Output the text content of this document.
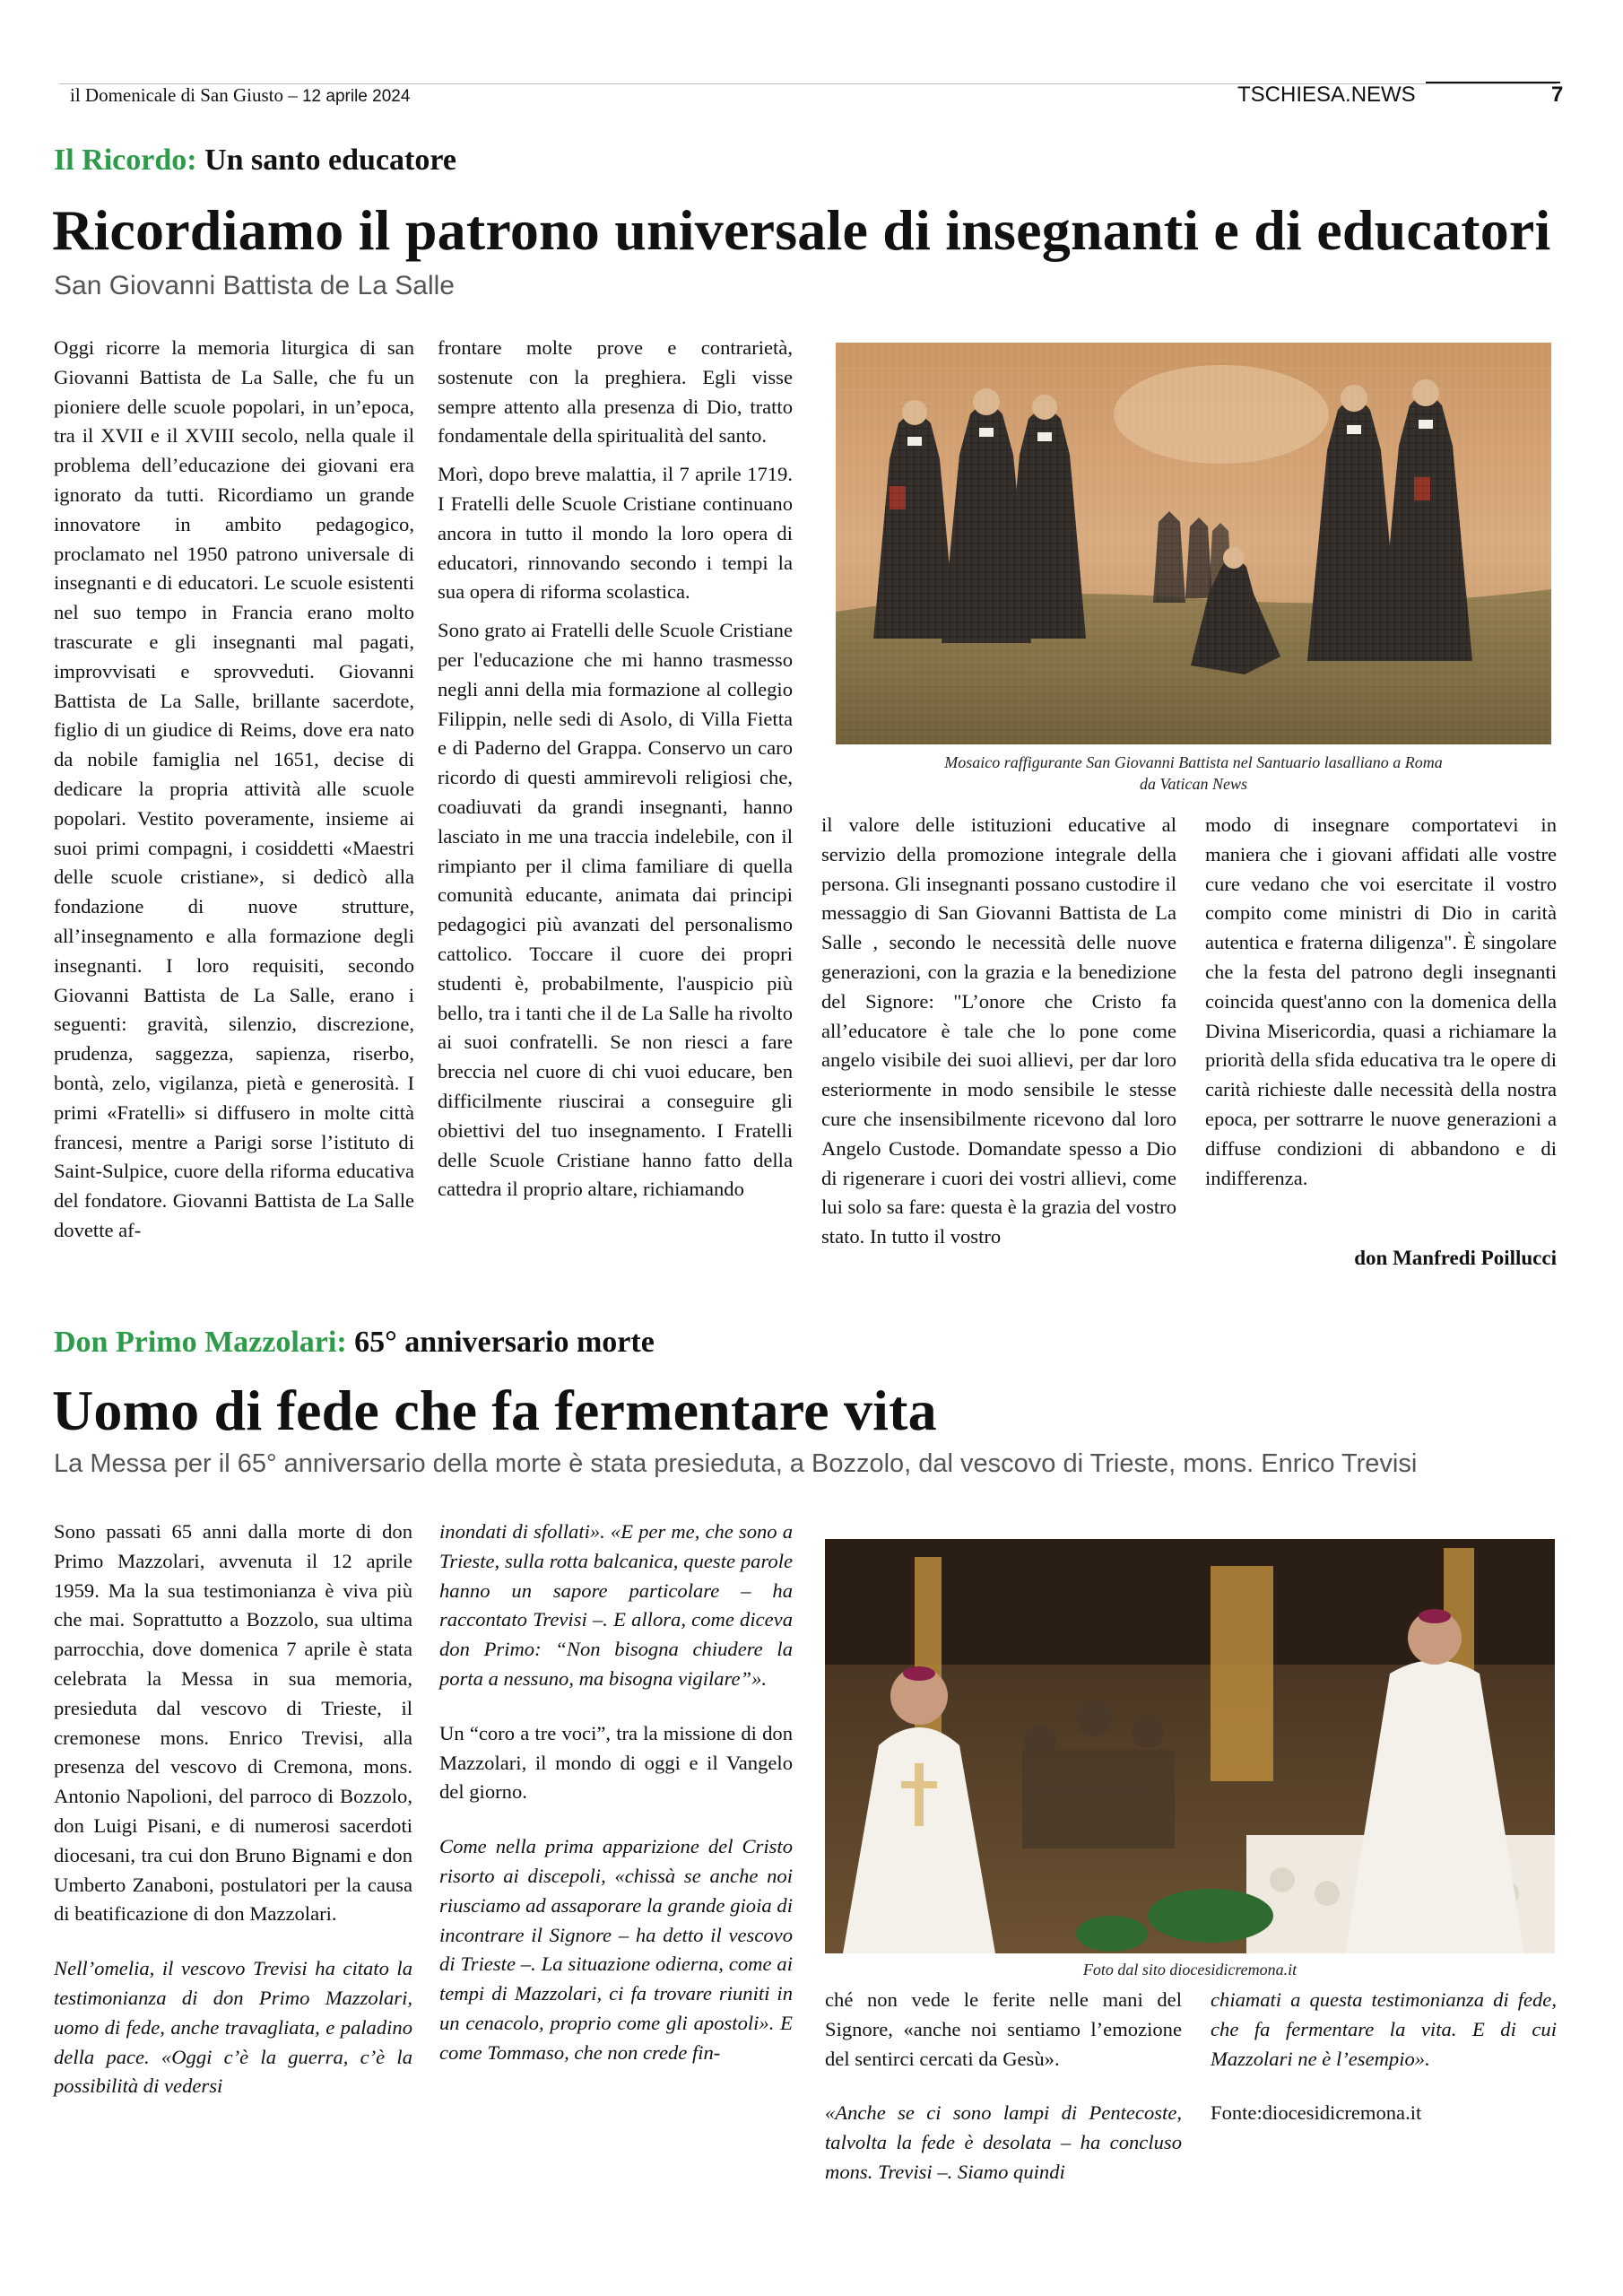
il Domenicale di San Giusto – 12 aprile 2024	TSCHIESA.NEWS	7
Il Ricordo: Un santo educatore
Ricordiamo il patrono universale di insegnanti e di educatori
San Giovanni Battista de La Salle

Oggi ricorre la memoria liturgica di san Giovanni Battista de La Salle, che fu un pioniere delle scuole popolari, in un’epoca, tra il XVII e il XVIII secolo, nella quale il problema dell’educazione dei giovani era ignorato da tutti. Ricordiamo un grande innovatore in ambito pedagogico, proclamato nel 1950 patrono universale di insegnanti e di educatori. Le scuole esistenti nel suo tempo in Francia erano molto trascurate e gli insegnanti mal pagati, improvvisati e sprovveduti. Giovanni Battista de La Salle, brillante sacerdote, figlio di un giudice di Reims, dove era nato da nobile famiglia nel 1651, decise di dedicare la propria attività alle scuole popolari. Vestito poveramente, insieme ai suoi primi compagni, i cosiddetti «Maestri delle scuole cristiane», si dedicò alla fondazione di nuove strutture, all’insegnamento e alla formazione degli insegnanti. I loro requisiti, secondo Giovanni Battista de La Salle, erano i seguenti: gravità, silenzio, discrezione, prudenza, saggezza, sapienza, riserbo, bontà, zelo, vigilanza, pietà e generosità. I primi «Fratelli» si diffusero in molte città francesi, mentre a Parigi sorse l’istituto di Saint-Sulpice, cuore della riforma educativa del fondatore. Giovanni Battista de La Salle dovette af-

frontare molte prove e contrarietà, sostenute con la preghiera. Egli visse sempre attento alla presenza di Dio, tratto fondamentale della spiritualità del santo.

Morì, dopo breve malattia, il 7 aprile 1719. I Fratelli delle Scuole Cristiane continuano ancora in tutto il mondo la loro opera di educatori, rinnovando secondo i tempi la sua opera di riforma scolastica.

Sono grato ai Fratelli delle Scuole Cristiane per l'educazione che mi hanno trasmesso negli anni della mia formazione al collegio Filippin, nelle sedi di Asolo, di Villa Fietta e di Paderno del Grappa. Conservo un caro ricordo di questi ammirevoli religiosi che, coadiuvati da grandi insegnanti, hanno lasciato in me una traccia indelebile, con il rimpianto per il clima familiare di quella comunità educante, animata dai principi pedagogici più avanzati del personalismo cattolico. Toccare il cuore dei propri studenti è, probabilmente, l'auspicio più bello, tra i tanti che il de La Salle ha rivolto ai suoi confratelli. Se non riesci a fare breccia nel cuore di chi vuoi educare, ben difficilmente riuscirai a conseguire gli obiettivi del tuo insegnamento. I Fratelli delle Scuole Cristiane hanno fatto della cattedra il proprio altare, richiamando

Mosaico raffigurante San Giovanni Battista nel Santuario lasalliano a Roma
da Vatican News

il valore delle istituzioni educative al servizio della promozione integrale della persona. Gli insegnanti possano custodire il messaggio di San Giovanni Battista de La Salle , secondo le necessità delle nuove generazioni, con la grazia e la benedizione del Signore: "L’onore che Cristo fa all’educatore è tale che lo pone come angelo visibile dei suoi allievi, per dar loro esteriormente in modo sensibile le stesse cure che insensibilmente ricevono dal loro Angelo Custode. Domandate spesso a Dio di rigenerare i cuori dei vostri allievi, come lui solo sa fare: questa è la grazia del vostro stato. In tutto il vostro

modo di insegnare comportatevi in maniera che i giovani affidati alle vostre cure vedano che voi esercitate il vostro compito come ministri di Dio in carità autentica e fraterna diligenza". È singolare che la festa del patrono degli insegnanti coincida quest'anno con la domenica della Divina Misericordia, quasi a richiamare la priorità della sfida educativa tra le opere di carità richieste dalle necessità della nostra epoca, per sottrarre le nuove generazioni a diffuse condizioni di abbandono e di indifferenza.

don Manfredi Poillucci
Don Primo Mazzolari: 65° anniversario morte
Uomo di fede che fa fermentare vita
La Messa per il 65° anniversario della morte è stata presieduta, a Bozzolo, dal vescovo di Trieste, mons. Enrico Trevisi

Sono passati 65 anni dalla morte di don Primo Mazzolari, avvenuta il 12 aprile 1959. Ma la sua testimonianza è viva più che mai. Soprattutto a Bozzolo, sua ultima parrocchia, dove domenica 7 aprile è stata celebrata la Messa in sua memoria, presieduta dal vescovo di Trieste, il cremonese mons. Enrico Trevisi, alla presenza del vescovo di Cremona, mons. Antonio Napolioni, del parroco di Bozzolo, don Luigi Pisani, e di numerosi sacerdoti diocesani, tra cui don Bruno Bignami e don Umberto Zanaboni, postulatori per la causa di beatificazione di don Mazzolari.

Nell’omelia, il vescovo Trevisi ha citato la testimonianza di don Primo Mazzolari, uomo di fede, anche travagliata, e paladino della pace. «Oggi c’è la guerra, c’è la possibilità di vedersi

inondati di sfollati». «E per me, che sono a Trieste, sulla rotta balcanica, queste parole hanno un sapore particolare – ha raccontato Trevisi –. E allora, come diceva don Primo: “Non bisogna chiudere la porta a nessuno, ma bisogna vigilare”».

Un “coro a tre voci”, tra la missione di don Mazzolari, il mondo di oggi e il Vangelo del giorno.

Come nella prima apparizione del Cristo risorto ai discepoli, «chissà se anche noi riusciamo ad assaporare la grande gioia di incontrare il Signore – ha detto il vescovo di Trieste –. La situazione odierna, come ai tempi di Mazzolari, ci fa trovare riuniti in un cenacolo, proprio come gli apostoli». E come Tommaso, che non crede fin-

Foto dal sito diocesidicremona.it

ché non vede le ferite nelle mani del Signore, «anche noi sentiamo l’emozione del sentirci cercati da Gesù».

«Anche se ci sono lampi di Pentecoste, talvolta la fede è desolata – ha concluso mons. Trevisi –. Siamo quindi

chiamati a questa testimonianza di fede, che fa fermentare la vita. E di cui Mazzolari ne è l’esempio».

Fonte:diocesidicremona.it
